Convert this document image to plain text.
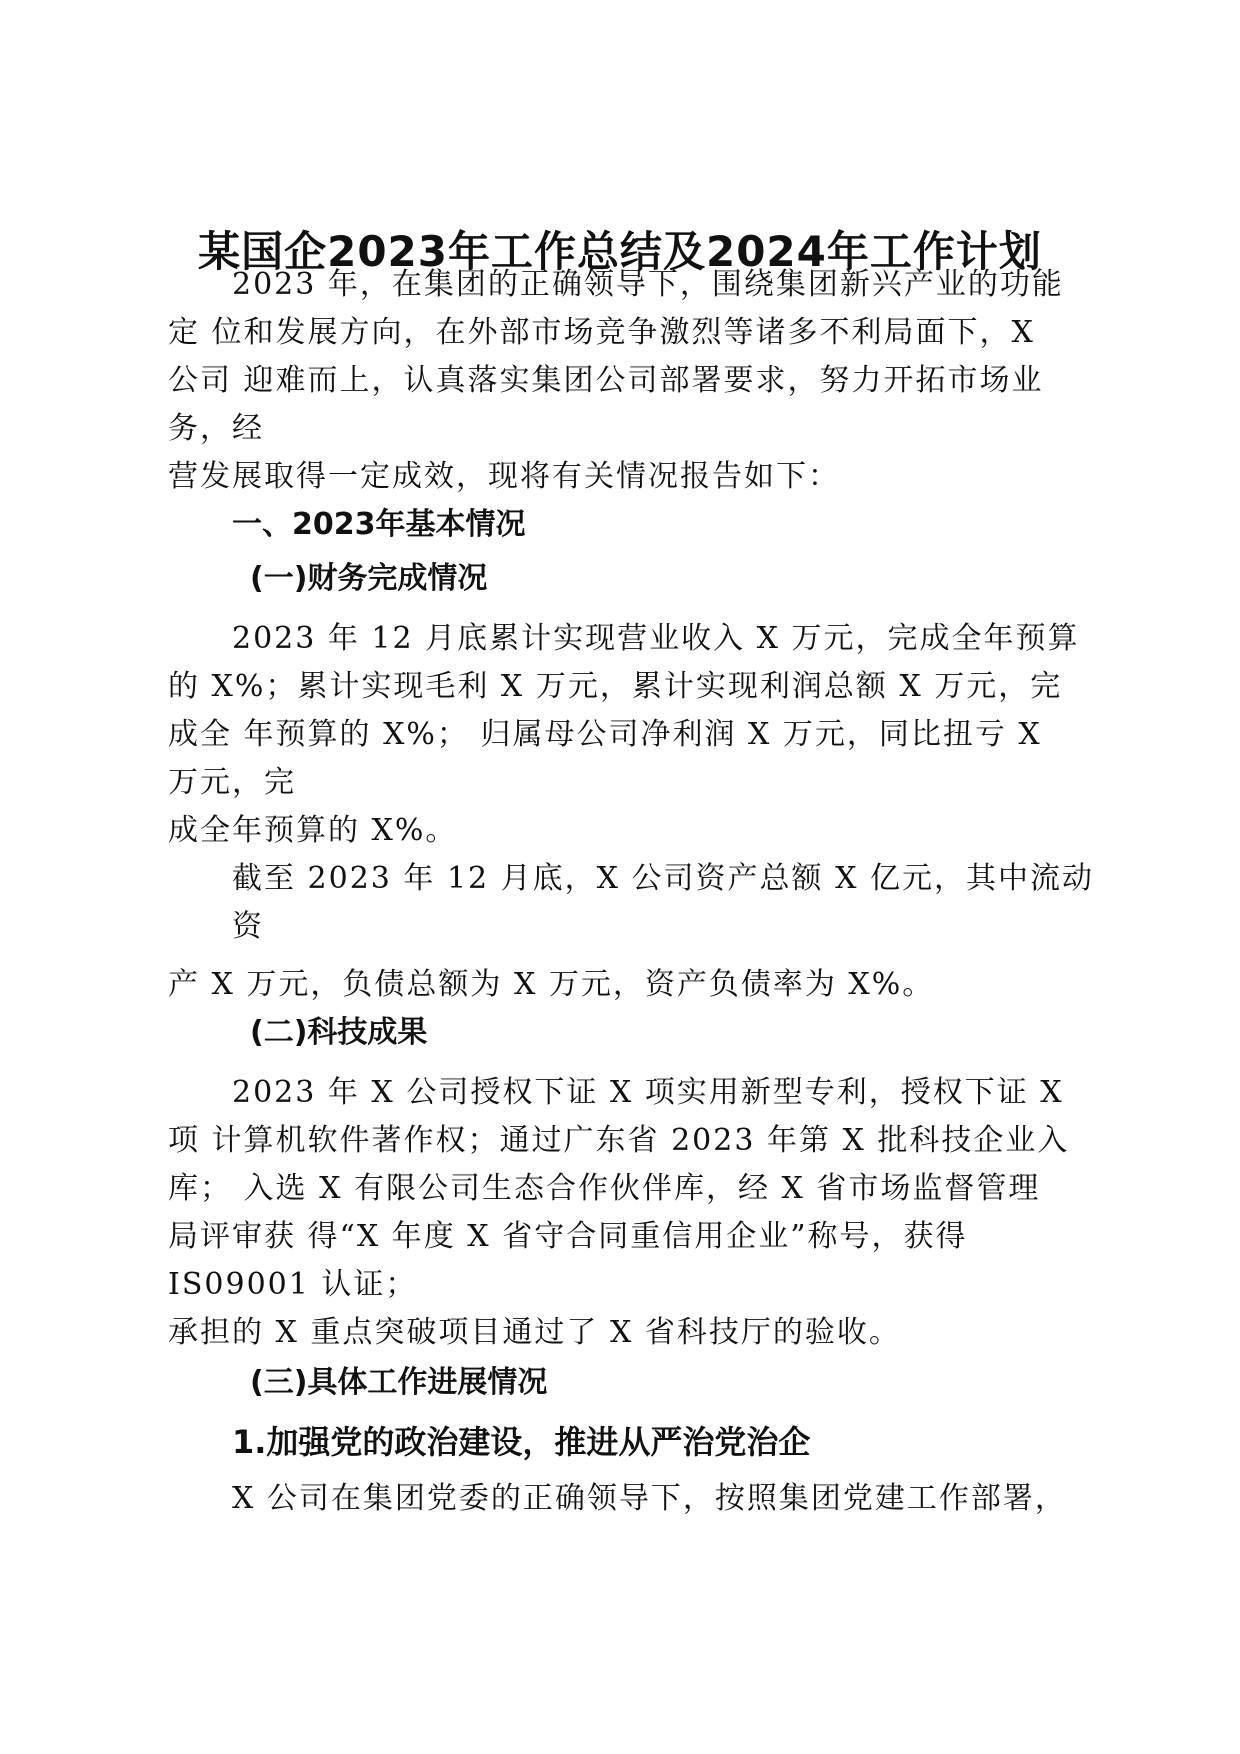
某国企2023年工作总结及2024年工作计划
2023 年，在集团的正确领导下，围绕集团新兴产业的功能
定 位和发展方向，在外部市场竞争激烈等诸多不利局面下，X
公司 迎难而上，认真落实集团公司部署要求，努力开拓市场业
务，经
营发展取得一定成效，现将有关情况报告如下：
一、2023年基本情况
(一)财务完成情况
2023 年 12 月底累计实现营业收入 X 万元，完成全年预算
的 X%；累计实现毛利 X 万元，累计实现利润总额 X 万元，完
成全 年预算的 X%； 归属母公司净利润 X 万元，同比扭亏 X
万元，完
成全年预算的 X%。
截至 2023 年 12 月底，X 公司资产总额 X 亿元，其中流动
资
产 X 万元，负债总额为 X 万元，资产负债率为 X%。
(二)科技成果
2023 年 X 公司授权下证 X 项实用新型专利，授权下证 X
项 计算机软件著作权；通过广东省 2023 年第 X 批科技企业入
库； 入选 X 有限公司生态合作伙伴库，经 X 省市场监督管理
局评审获 得“X 年度 X 省守合同重信用企业”称号，获得
IS09001 认证；
承担的 X 重点突破项目通过了 X 省科技厅的验收。
(三)具体工作进展情况
1.加强党的政治建设，推进从严治党治企
X 公司在集团党委的正确领导下，按照集团党建工作部署，
